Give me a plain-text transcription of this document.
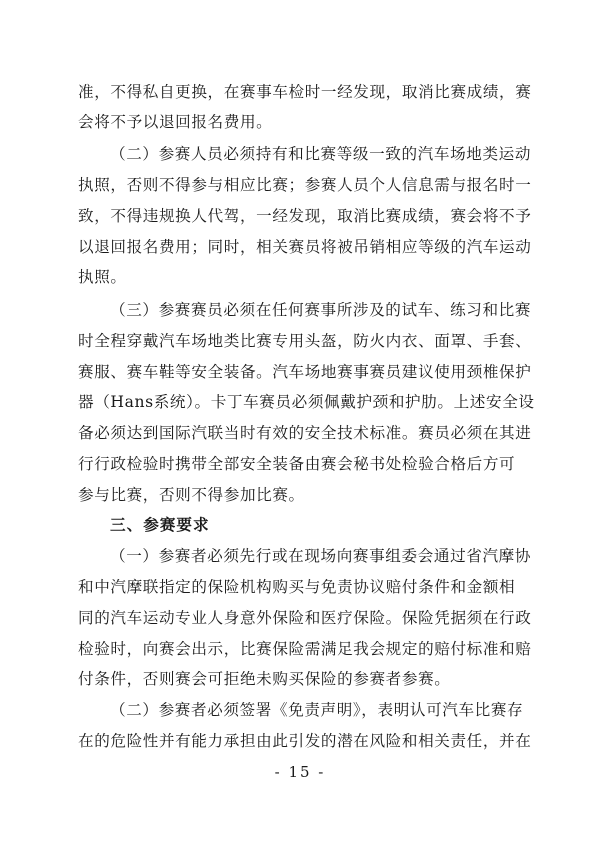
准，不得私自更换，在赛事车检时一经发现，取消比赛成绩，赛
会将不予以退回报名费用。
（二）参赛人员必须持有和比赛等级一致的汽车场地类运动
执照，否则不得参与相应比赛；参赛人员个人信息需与报名时一
致，不得违规换人代驾，一经发现，取消比赛成绩，赛会将不予
以退回报名费用；同时，相关赛员将被吊销相应等级的汽车运动
执照。
（三）参赛赛员必须在任何赛事所涉及的试车、练习和比赛
时全程穿戴汽车场地类比赛专用头盔，防火内衣、面罩、手套、
赛服、赛车鞋等安全装备。汽车场地赛事赛员建议使用颈椎保护
器（Hans系统）。卡丁车赛员必须佩戴护颈和护肋。上述安全设
备必须达到国际汽联当时有效的安全技术标准。赛员必须在其进
行行政检验时携带全部安全装备由赛会秘书处检验合格后方可
参与比赛，否则不得参加比赛。
三、参赛要求
（一）参赛者必须先行或在现场向赛事组委会通过省汽摩协
和中汽摩联指定的保险机构购买与免责协议赔付条件和金额相
同的汽车运动专业人身意外保险和医疗保险。保险凭据须在行政
检验时，向赛会出示，比赛保险需满足我会规定的赔付标准和赔
付条件，否则赛会可拒绝未购买保险的参赛者参赛。
（二）参赛者必须签署《免责声明》，表明认可汽车比赛存
在的危险性并有能力承担由此引发的潜在风险和相关责任，并在
- 15 -
